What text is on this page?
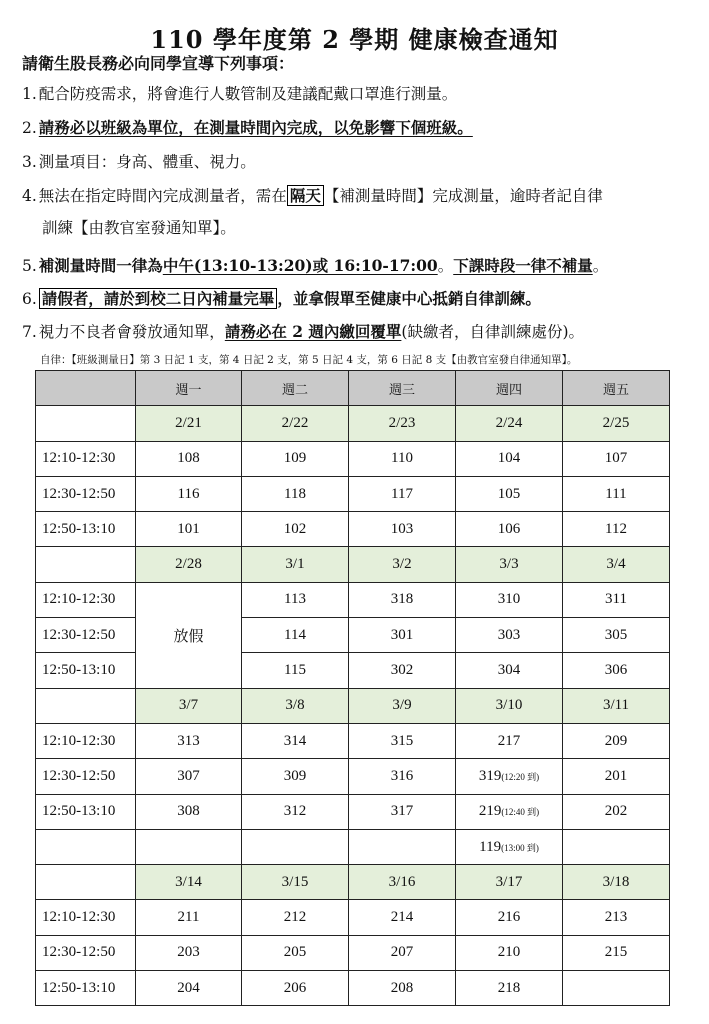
110 學年度第 2 學期 健康檢查通知
請衛生股長務必向同學宣導下列事項：
1. 配合防疫需求，將會進行人數管制及建議配戴口罩進行測量。
2. 請務必以班級為單位，在測量時間內完成，以免影響下個班級。
3. 測量項目：身高、體重、視力。
4. 無法在指定時間內完成測量者，需在 隔天 【補測量時間】完成測量，逾時者記自律
訓練【由教官室發通知單】。
5. 補測量時間一律為中午(13:10-13:20)或 16:10-17:00。下課時段一律不補量。
6. 請假者，請於到校二日內補量完畢 ，並拿假單至健康中心抵銷自律訓練。
7. 視力不良者會發放通知單，請務必在 2 週內繳回覆單(缺繳者，自律訓練處份)。
自律：【班級測量日】第 3 日記 1 支，第 4 日記 2 支，第 5 日記 4 支，第 6 日記 8 支【由教官室發自律通知單】。
	週一	週二	週三	週四	週五
	2/21	2/22	2/23	2/24	2/25
12:10-12:30	108	109	110	104	107
12:30-12:50	116	118	117	105	111
12:50-13:10	101	102	103	106	112
	2/28	3/1	3/2	3/3	3/4
12:10-12:30	放假	113	318	310	311
12:30-12:50		114	301	303	305
12:50-13:10		115	302	304	306
	3/7	3/8	3/9	3/10	3/11
12:10-12:30	313	314	315	217	209
12:30-12:50	307	309	316	319(12:20 到)	201
12:50-13:10	308	312	317	219(12:40 到)	202
				119(13:00 到)	
	3/14	3/15	3/16	3/17	3/18
12:10-12:30	211	212	214	216	213
12:30-12:50	203	205	207	210	215
12:50-13:10	204	206	208	218	
